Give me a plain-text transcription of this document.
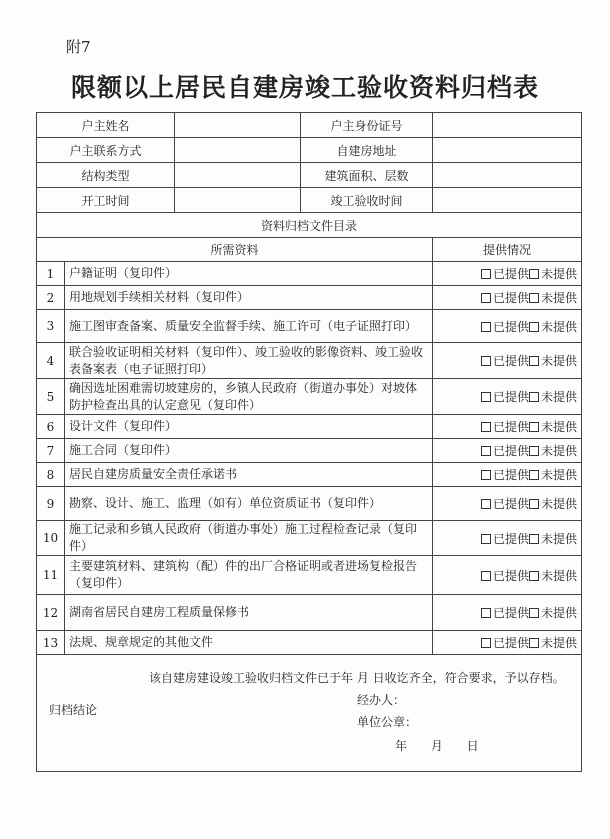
附7
限额以上居民自建房竣工验收资料归档表
户主姓名			户主身份证号	
户主联系方式			自建房地址	
结构类型			建筑面积、层数	
开工时间			竣工验收时间	
资料归档文件目录				
所需资料				提供情况
1	户籍证明（复印件）			已提供 未提供
2	用地规划手续相关材料（复印件）			已提供 未提供
3	施工图审查备案、质量安全监督手续、施工许可（电子证照打印）			已提供 未提供
4	联合验收证明相关材料（复印件）、竣工验收的影像资料、竣工验收表备案表（电子证照打印）			已提供 未提供
5	确因选址困难需切坡建房的，乡镇人民政府（街道办事处）对坡体防护检查出具的认定意见（复印件）			已提供 未提供
6	设计文件（复印件）			已提供 未提供
7	施工合同（复印件）			已提供 未提供
8	居民自建房质量安全责任承诺书			已提供 未提供
9	勘察、设计、施工、监理（如有）单位资质证书（复印件）			已提供 未提供
10	施工记录和乡镇人民政府（街道办事处）施工过程检查记录（复印件）			已提供 未提供
11	主要建筑材料、建筑构（配）件的出厂合格证明或者进场复检报告（复印件）			已提供 未提供
12	湖南省居民自建房工程质量保修书			已提供 未提供
13	法规、规章规定的其他文件			已提供 未提供

归档结论
该自建房建设竣工验收归档文件已于年 月 日收讫齐全，符合要求，予以存档。
经办人：
单位公章：
年 月 日				
